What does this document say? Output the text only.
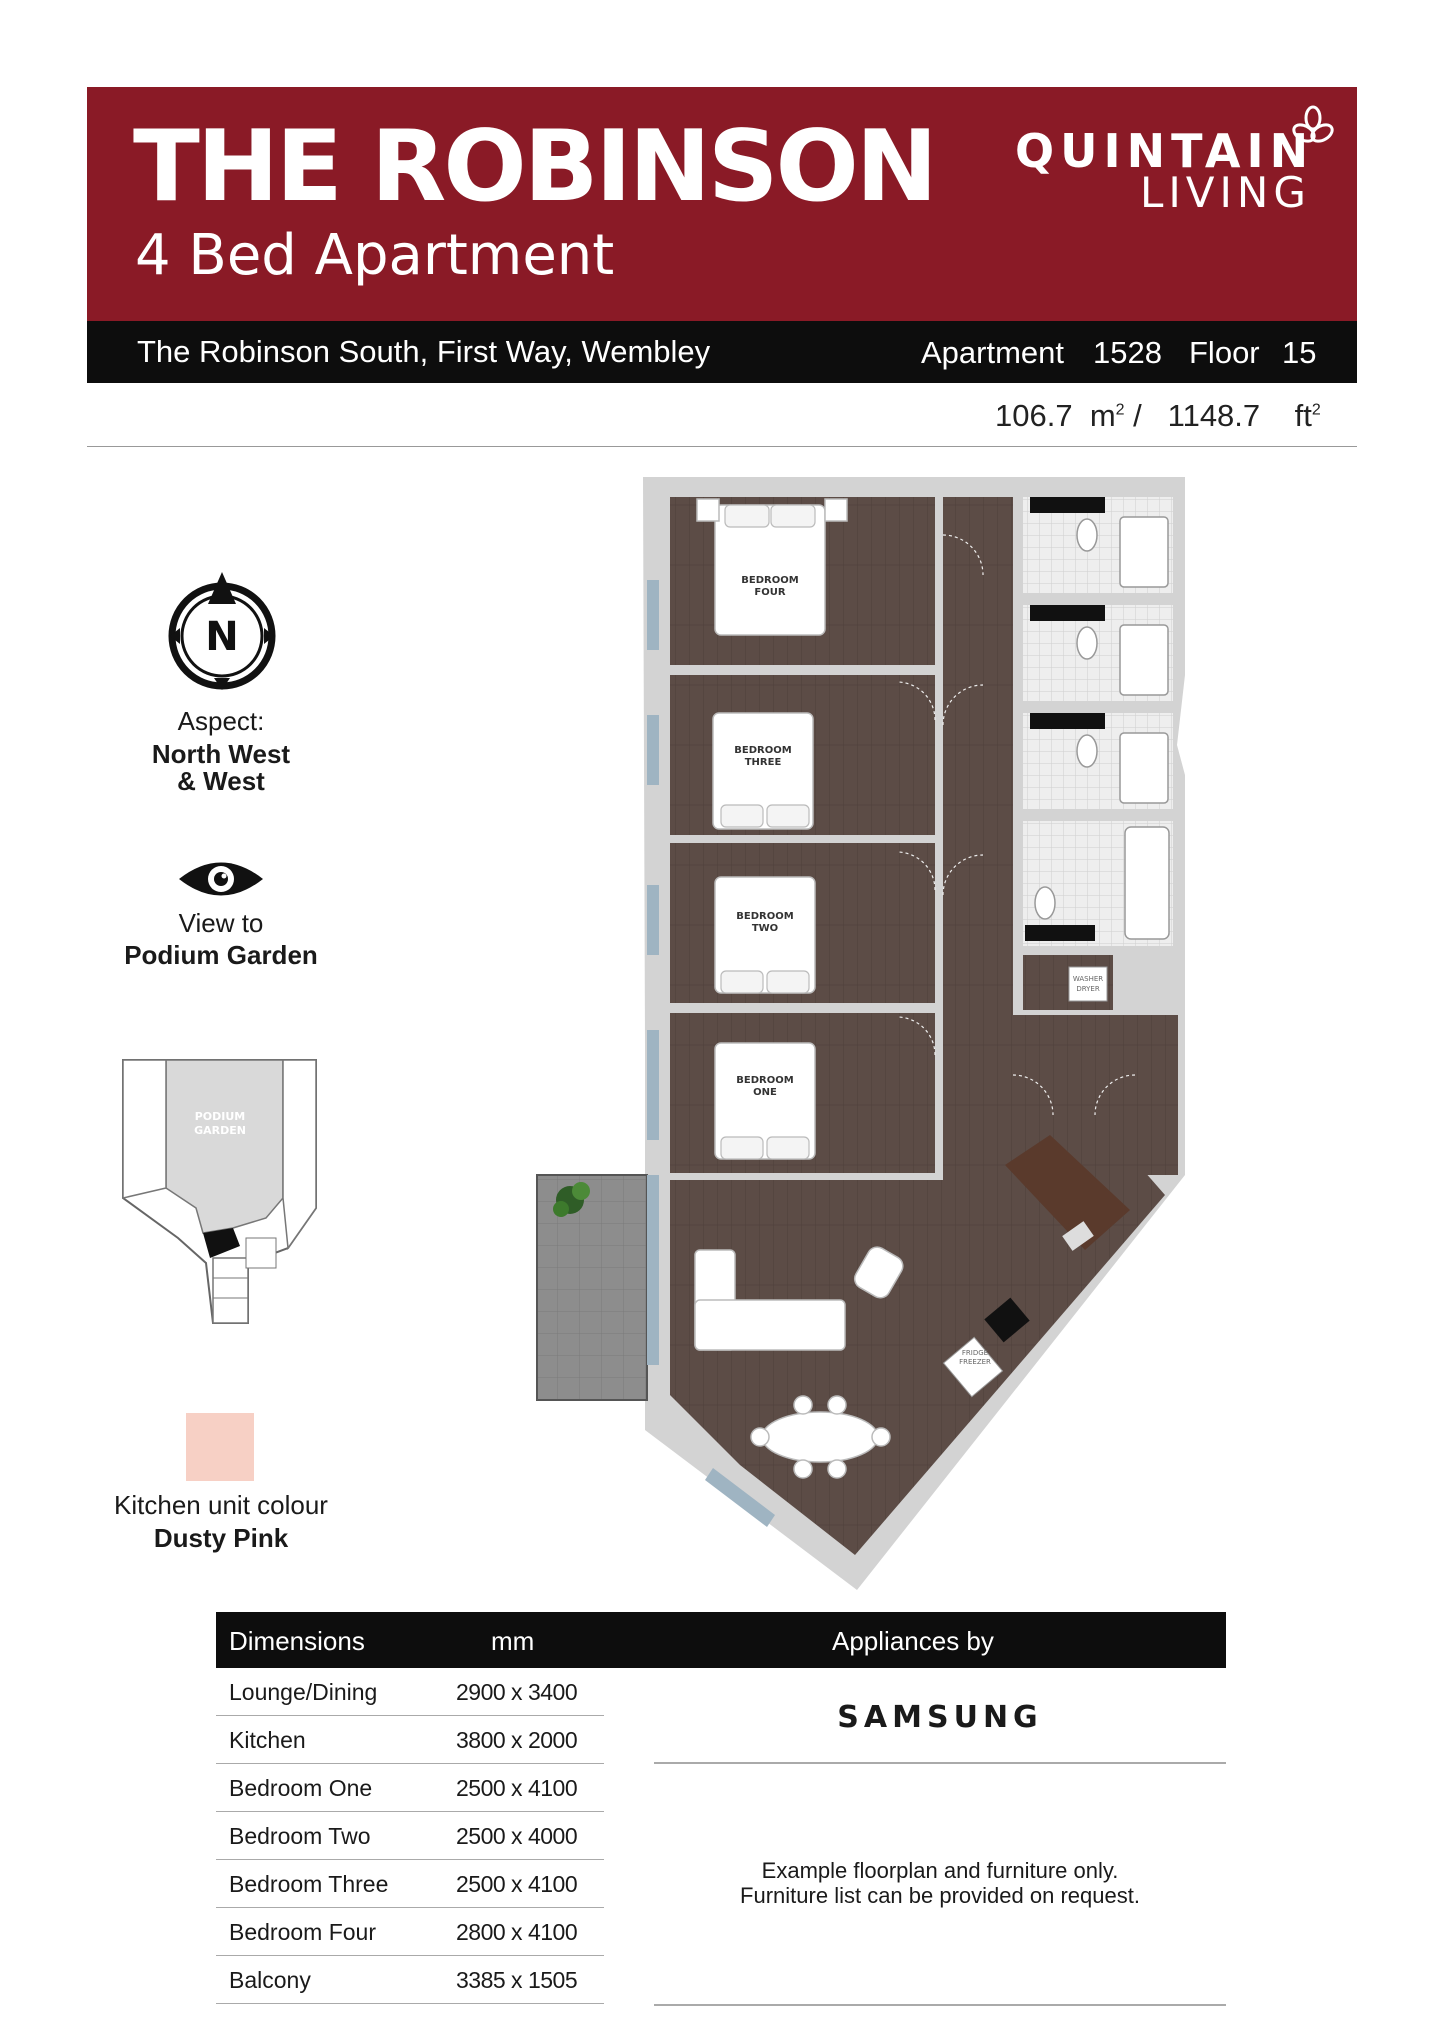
THE ROBINSON
4 Bed Apartment
QUINTAIN
LIVING
The Robinson South, First Way, Wembley	Apartment 1528 Floor 15
106.7 $m^2 / 1148.7$ $ft^2$
N
Aspect:
North West
& West
View to
Podium Garden
PODIUM
GARDEN
Kitchen unit colour
Dusty Pink
WASHER
DRYER
FRIDGE
FREEZER
BEDROOM
FOUR
BEDROOM
THREE
BEDROOM
TWO
BEDROOM
ONE
Dimensions	mm	Appliances by
Lounge/Dining	2900 x 3400
Kitchen	3800 x 2000
Bedroom One	2500 x 4100
Bedroom Two	2500 x 4000
Bedroom Three	2500 x 4100
Bedroom Four	2800 x 4100
Balcony	3385 x 1505
SAMSUNG
Example floorplan and furniture only.
Furniture list can be provided on request.
